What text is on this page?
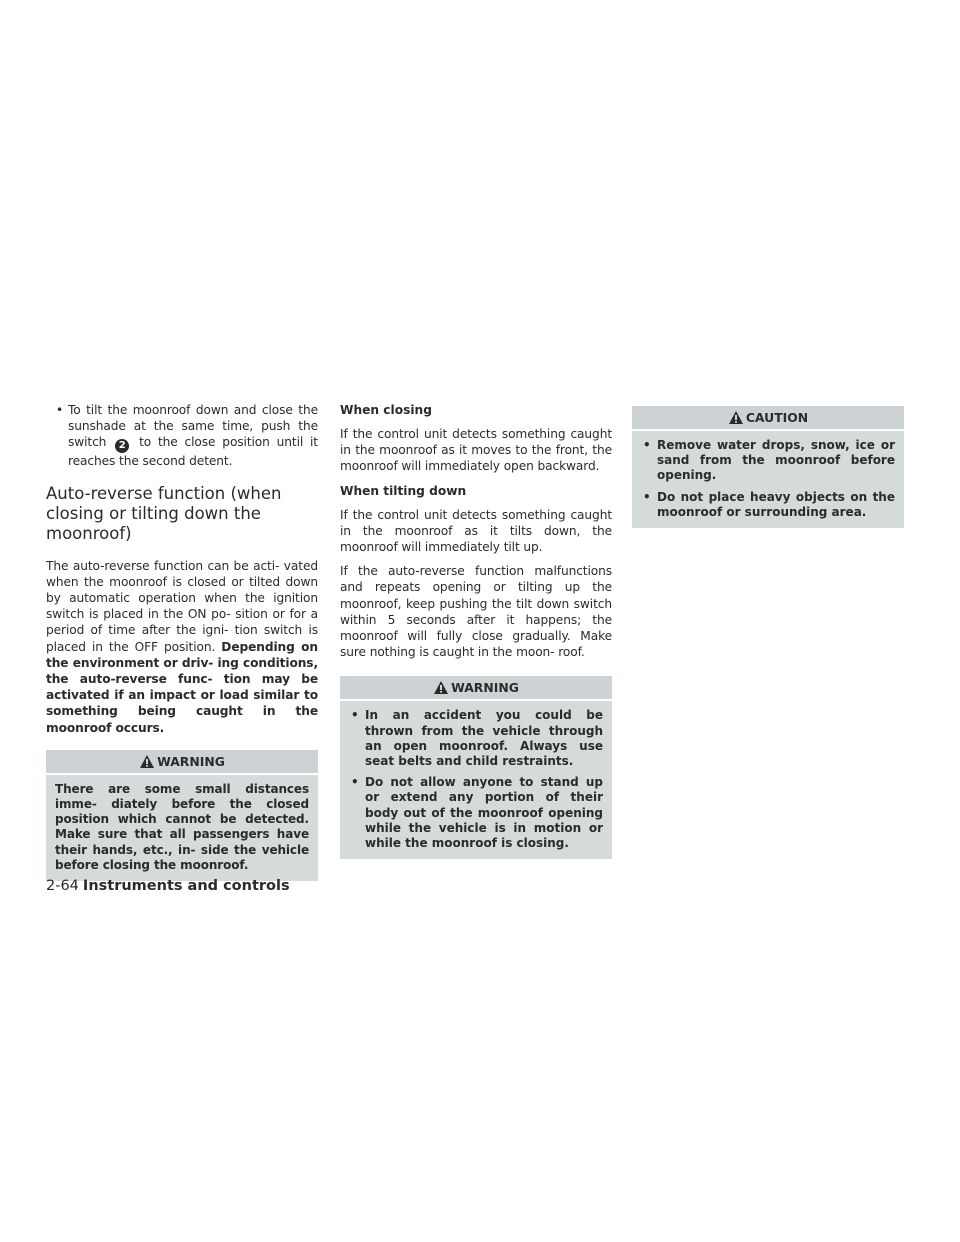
• To tilt the moonroof down and close the sunshade at the same time, push the switch 2 to the close position until it reaches the second detent.

Auto-reverse function (when closing or tilting down the moonroof)

The auto-reverse function can be acti- vated when the moonroof is closed or tilted down by automatic operation when the ignition switch is placed in the ON po- sition or for a period of time after the igni- tion switch is placed in the OFF position. Depending on the environment or driv- ing conditions, the auto-reverse func- tion may be activated if an impact or load similar to something being caught in the moonroof occurs.

WARNING

There are some small distances imme- diately before the closed position which cannot be detected. Make sure that all passengers have their hands, etc., in- side the vehicle before closing the moonroof.

When closing

If the control unit detects something caught in the moonroof as it moves to the front, the moonroof will immediately open backward.

When tilting down

If the control unit detects something caught in the moonroof as it tilts down, the moonroof will immediately tilt up.

If the auto-reverse function malfunctions and repeats opening or tilting up the moonroof, keep pushing the tilt down switch within 5 seconds after it happens; the moonroof will fully close gradually. Make sure nothing is caught in the moon- roof.

WARNING
• In an accident you could be thrown from the vehicle through an open moonroof. Always use seat belts and child restraints.
• Do not allow anyone to stand up or extend any portion of their body out of the moonroof opening while the vehicle is in motion or while the moonroof is closing.
CAUTION
• Remove water drops, snow, ice or sand from the moonroof before opening.
• Do not place heavy objects on the moonroof or surrounding area.
2-64 Instruments and controls
